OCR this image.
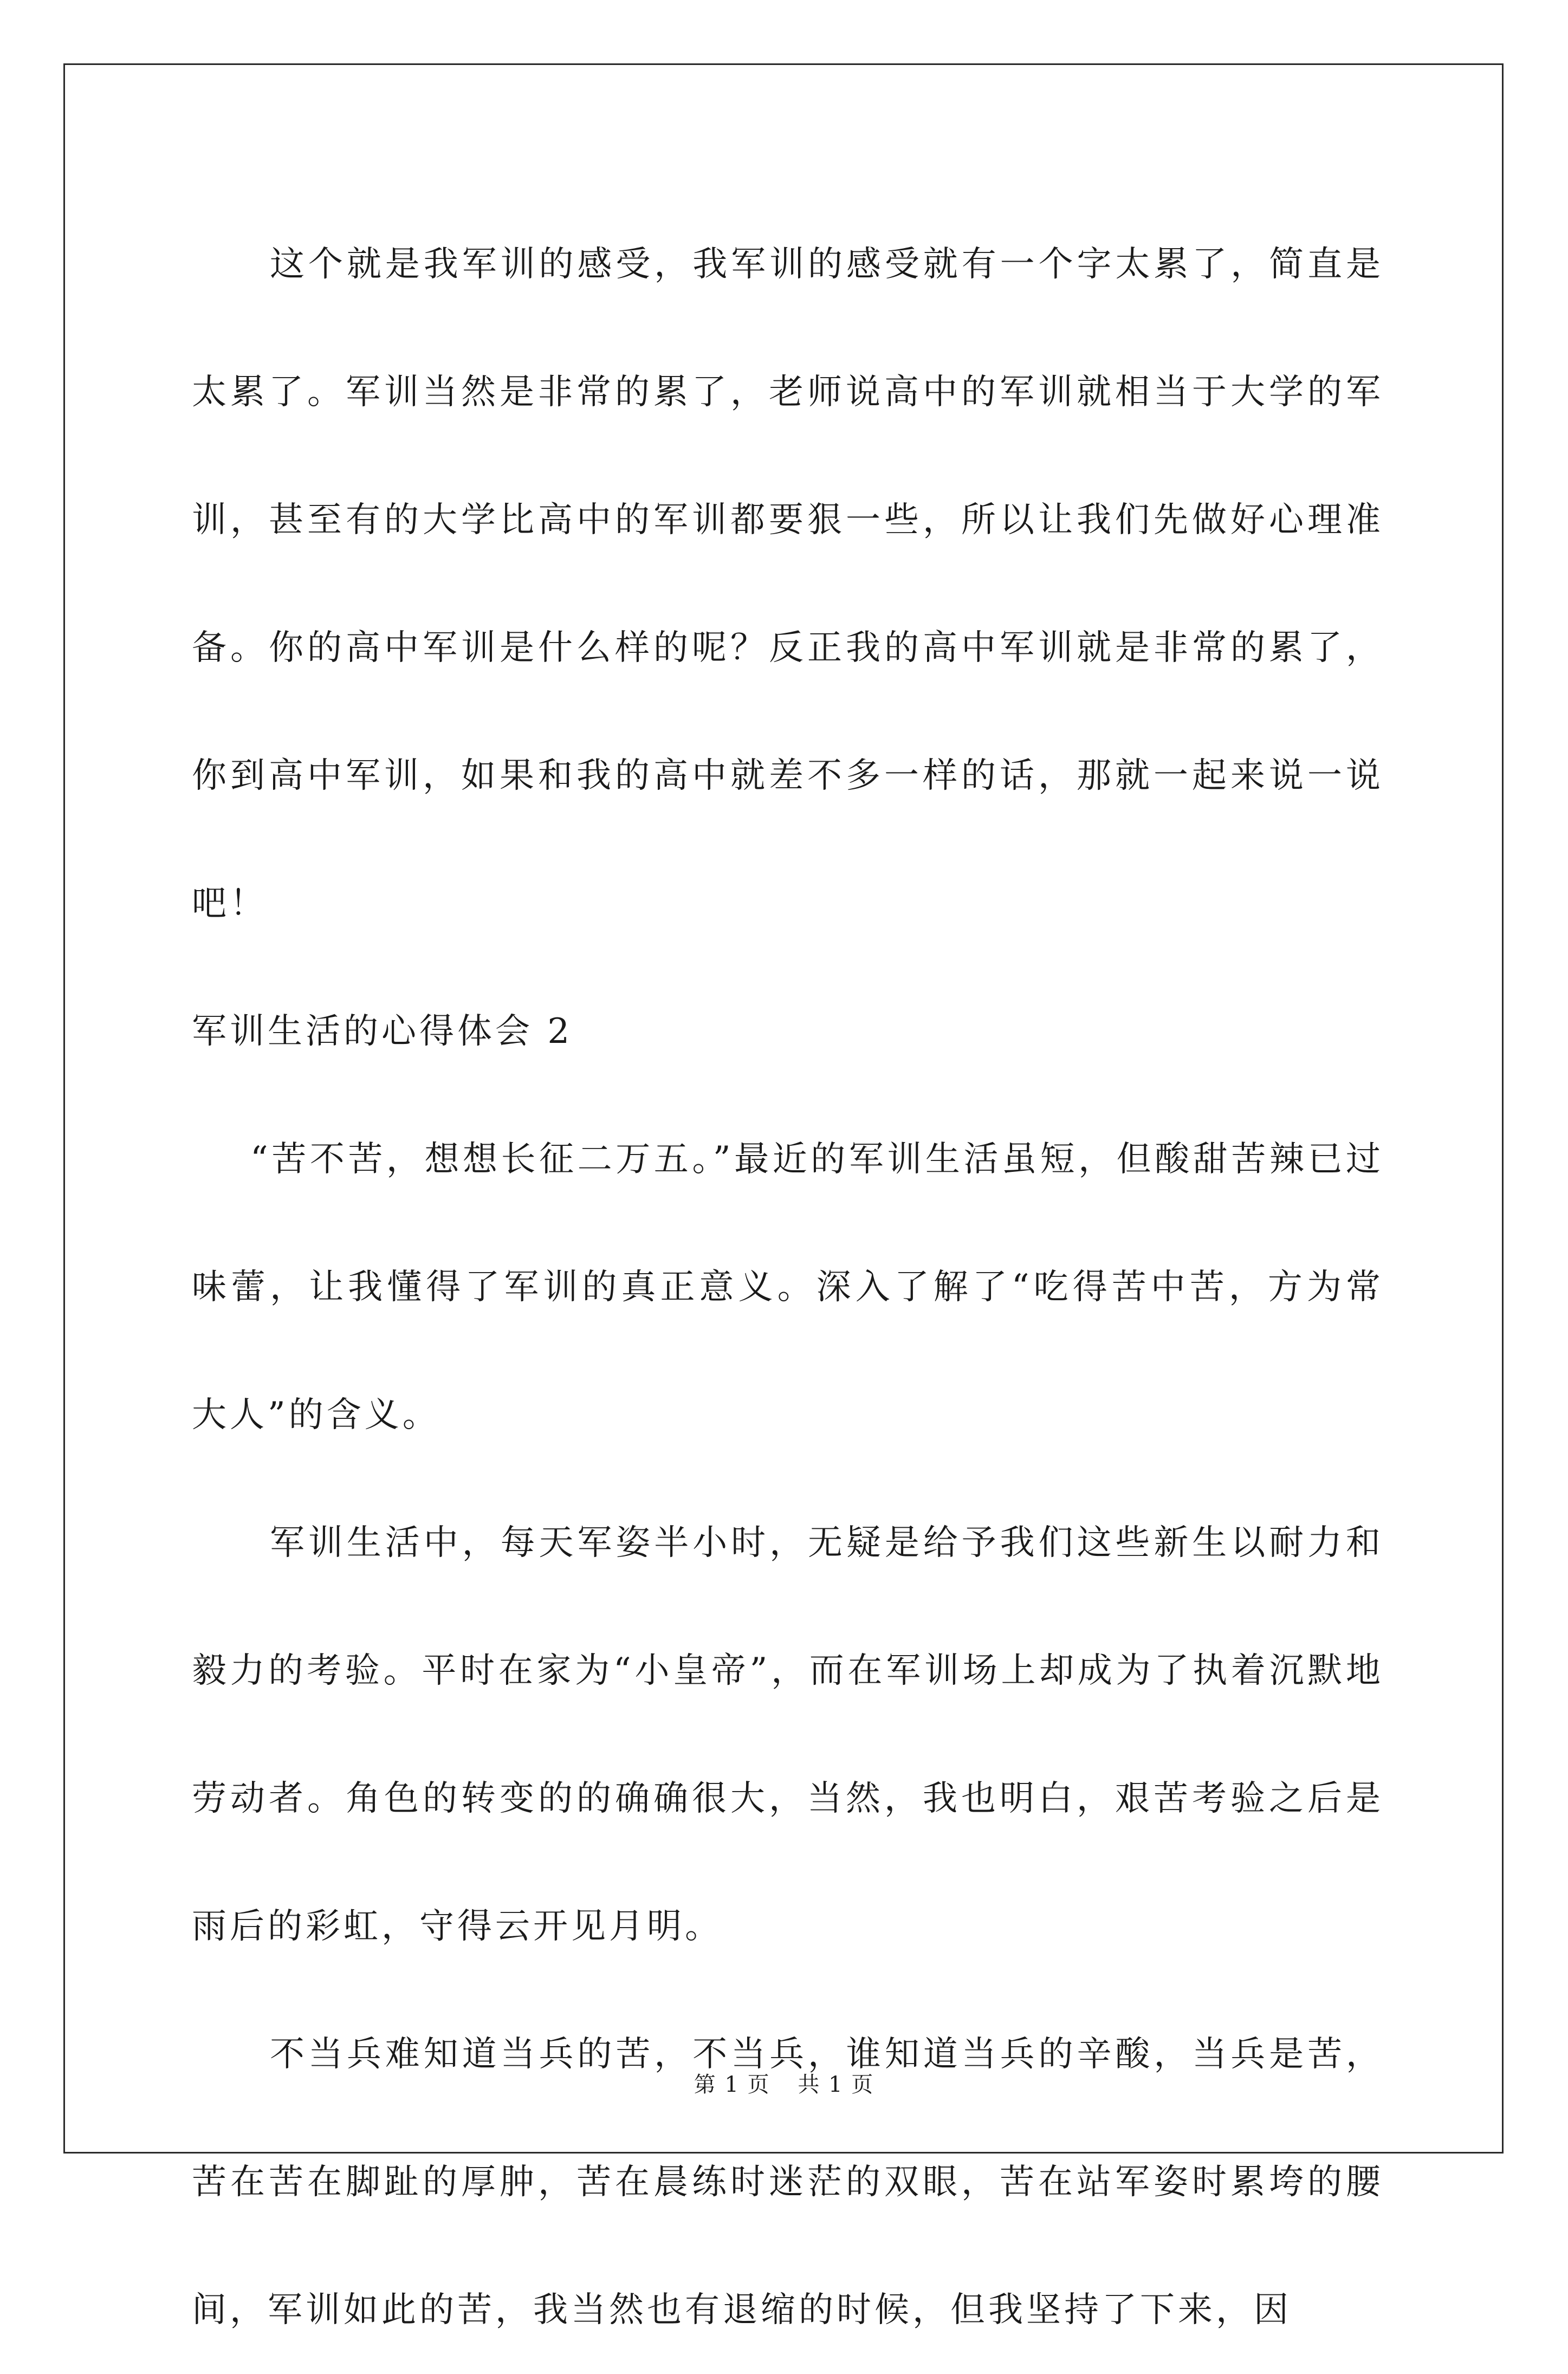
这个就是我军训的感受，我军训的感受就有一个字太累了，简直是太累了。军训当然是非常的累了，老师说高中的军训就相当于大学的军训，甚至有的大学比高中的军训都要狠一些，所以让我们先做好心理准备。你的高中军训是什么样的呢？反正我的高中军训就是非常的累了，你到高中军训，如果和我的高中就差不多一样的话，那就一起来说一说吧！

军训生活的心得体会 2

“苦不苦，想想长征二万五。”最近的军训生活虽短，但酸甜苦辣已过味蕾，让我懂得了军训的真正意义。深入了解了“吃得苦中苦，方为常大人”的含义。

军训生活中，每天军姿半小时，无疑是给予我们这些新生以耐力和毅力的考验。平时在家为“小皇帝”，而在军训场上却成为了执着沉默地劳动者。角色的转变的的确确很大，当然，我也明白，艰苦考验之后是雨后的彩虹，守得云开见月明。

不当兵难知道当兵的苦，不当兵，谁知道当兵的辛酸，当兵是苦，苦在苦在脚趾的厚肿，苦在晨练时迷茫的双眼，苦在站军姿时累垮的腰间，军训如此的苦，我当然也有退缩的时候，但我坚持了下来，因

第 1 页 共 1 页
